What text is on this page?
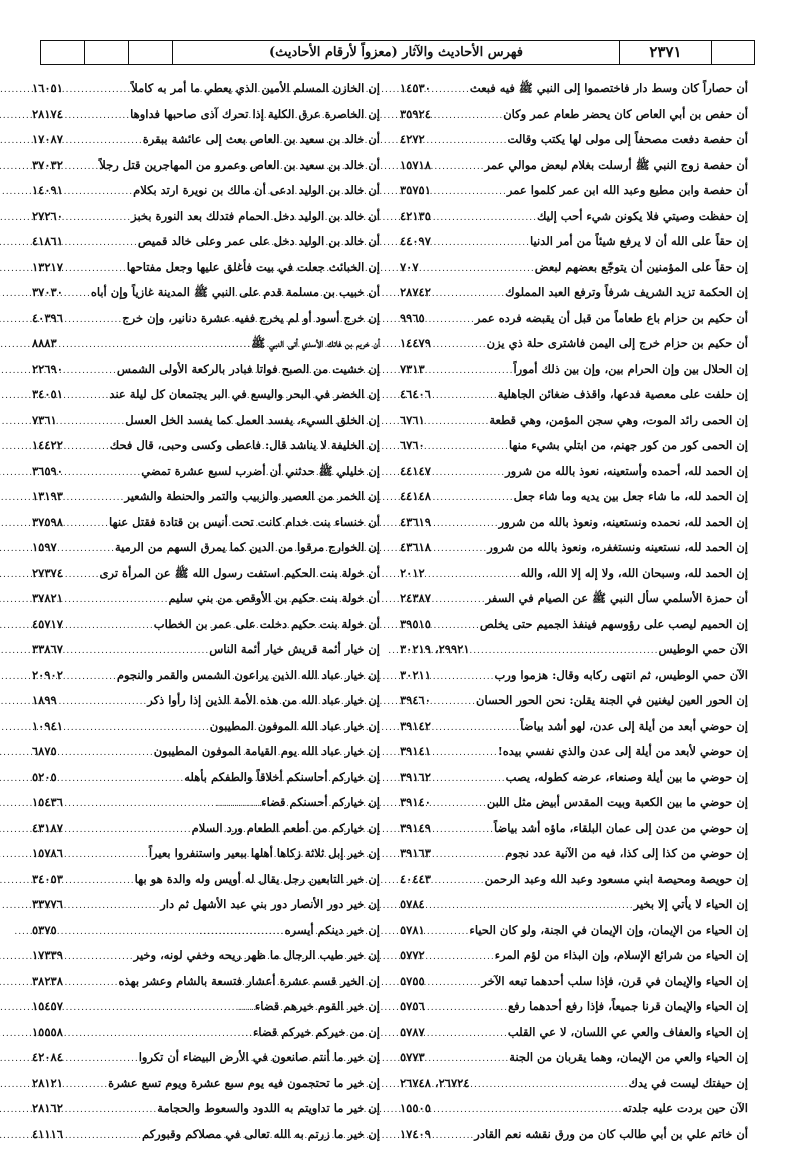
فهرس الأحاديث والآثار (معزواً لأرقام الأحاديث)	٢٣٧١
أن حصاراً كان وسط دار فاختصموا إلى النبي ﷺ فيه فبعث
.....
١٤٥٣٠
أن حفص بن أبي العاص كان يحضر طعام عمر وكان
.....
٣٥٩٢٤
أن حفصة دفعت مصحفاً إلى مولى لها يكتب وقالت
.....
٤٢٧٢
أن حفصة زوج النبي ﷺ أرسلت بغلام لبعض موالي عمر
.....
١٥٧١٨
أن حفصة وابن مطيع وعبد الله ابن عمر كلموا عمر
.....
٣٥٧٥١
إن حفظت وصيتي فلا يكونن شيء أحب إليك
.....
٤٢١٣٥
إن حقاً على الله أن لا يرفع شيئاً من أمر الدنيا
.....
٤٤٠٩٧
إن حقاً على المؤمنين أن يتوجّع بعضهم لبعض
.....
٧٠٧
إن الحكمة تزيد الشريف شرفاً وترفع العبد المملوك
.....
٢٨٧٤٢
أن حكيم بن حزام باع طعاماً من قبل أن يقبضه فرده عمر
.....
٩٩٦٥
أن حكيم بن حزام خرج إلى اليمن فاشترى حلة ذي يزن
.....
١٤٤٧٩
إن الحلال بين وإن الحرام بين، وإن بين ذلك أموراً
.....
٧٣١٣
إن حلفت على معصية فدعها، واقذف ضغائن الجاهلية
.....
٤٦٤٠٦
إن الحمى رائد الموت، وهي سجن المؤمن، وهي قطعة
.....
٦٧٦١
إن الحمى كور من كور جهنم، من ابتلي بشيء منها
.....
٦٧٦٠
إن الحمد لله، أحمده وأستعينه، نعوذ بالله من شرور
.....
٤٤١٤٧
إن الحمد لله، ما شاء جعل بين يديه وما شاء جعل
.....
٤٤١٤٨
إن الحمد لله، نحمده ونستعينه، ونعوذ بالله من شرور
.....
٤٣٦١٩
إن الحمد لله، نستعينه ونستغفره، ونعوذ بالله من شرور
.....
٤٣٦١٨
إن الحمد لله، وسبحان الله، ولا إله إلا الله، والله
.....
٢٠١٢
أن حمزة الأسلمي سأل النبي ﷺ عن الصيام في السفر
.....
٢٤٣٨٧
إن الحميم ليصب على رؤوسهم فينفذ الجميم حتى يخلص
.....
٣٩٥١٥
الآن حمي الوطيس
.....
٢٩٩٢١، ٣٠٢١٩
الآن حمي الوطيس، ثم انتهى ركابه وقال: هزموا ورب
.....
٣٠٢١١
إن الحور العين ليغنين في الجنة يقلن: نحن الحور الحسان
.....
٣٩٤٦٠
إن حوضي أبعد من أيلة إلى عدن، لهو أشد بياضاً
.....
٣٩١٤٢
إن حوضي لأبعد من أيلة إلى عدن والذي نفسي بيده!
.....
٣٩١٤١
إن حوضي ما بين أيلة وصنعاء، عرضه كطوله، يصب
.....
٣٩١٦٢
إن حوضي ما بين الكعبة وبيت المقدس أبيض مثل اللبن
.....
٣٩١٤٠
إن حوضي من عدن إلى عمان البلقاء، ماؤه أشد بياضاً
.....
٣٩١٤٩
إن حوضي من كذا إلى كذا، فيه من الآنية عدد نجوم
.....
٣٩١٦٣
إن حويصة ومحيصة ابني مسعود وعبد الله وعبد الرحمن
.....
٤٠٤٤٣
إن الحياء لا يأتي إلا بخير
.....
٥٧٨٤
إن الحياء من الإيمان، وإن الإيمان في الجنة، ولو كان الحياء
.....
٥٧٨١
إن الحياء من شرائع الإسلام، وإن البذاء من لؤم المرء
.....
٥٧٧٢
إن الحياء والإيمان في قرن، فإذا سلب أحدهما تبعه الآخر
.....
٥٧٥٥
إن الحياء والإيمان قرنا جميعاً، فإذا رفع أحدهما رفع
.....
٥٧٥٦
إن الحياء والعفاف والعي عي اللسان، لا عي القلب
.....
٥٧٨٧
إن الحياء والعي من الإيمان، وهما يقربان من الجنة
.....
٥٧٧٣
إن حيفتك ليست في يدك
.....
٢٦٧٢٤، ٢٦٧٤٨
الآن حين بردت عليه جلدته
.....
١٥٥٠٥
أن خاتم علي بن أبي طالب كان من ورق نقشه نعم القادر
.....
١٧٤٠٩
إن الخازن المسلم الأمين الذي يعطي ما أمر به كاملاً
.....
١٦٠٥١
إن الخاصرة عرق الكلية إذا تحرك آذى صاحبها فداوها
.....
٢٨١٧٤
أن خالد بن سعيد بن العاص بعث إلى عائشة ببقرة
.....
١٧٠٨٧
أن خالد بن سعيد بن العاص وعمرو من المهاجرين قتل رجلاً
.....
٣٧٠٣٢
أن خالد بن الوليد ادعى أن مالك بن نويرة ارتد بكلام
.....
١٤٠٩١
أن خالد بن الوليد دخل الحمام فتدلك بعد النورة بخبز
.....
٢٧٢٦٠
أن خالد بن الوليد دخل على عمر وعلى خالد قميص
.....
٤١٨٦١
إن الخبائث جعلت في بيت فأغلق عليها وجعل مفتاحها
.....
١٣٢١٧
أن خبيب بن مسلمة قدم على النبي ﷺ المدينة غازياً وإن أباه
.....
٣٧٠٣٠
إن خرج أسود أو لم يخرج ففيه عشرة دنانير، وإن خرج
.....
٤٠٣٩٦
أن خريم بن فاتك الأسدي أتى النبي ﷺ
.....
٨٨٨٣
إن خشيت من الصبح فواتا فبادر بالركعة الأولى الشمس
.....
٢٢٦٩٠
إن الخضر في البحر واليسع في البر يجتمعان كل ليلة عند
.....
٣٤٠٥١
إن الخلق السيء، يفسد العمل كما يفسد الخل العسل
.....
٧٣٦١
إن الخليفة لا يناشد قال: فاعطى وكسى وحبى، قال فحك
.....
١٤٤٢٢
إن خليلي ﷺ حدثني أن أضرب لسبع عشرة تمضي
.....
٣٦٥٩٠
إن الخمر من العصير والزبيب والتمر والحنطة والشعير
.....
١٣١٩٣
أن خنساء بنت خدام كانت تحت أنيس بن قتادة فقتل عنها
.....
٣٧٥٩٨
إن الخوارج مرقوا من الدين كما يمرق السهم من الرمية
.....
١٥٩٧
أن خولة بنت الحكيم استفت رسول الله ﷺ عن المرأة ترى
.....
٢٧٣٧٤
أن خولة بنت حكيم بن الأوقص من بني سليم
.....
٣٧٨٢١
أن خولة بنت حكيم دخلت على عمر بن الخطاب
.....
٤٥٧١٧
إن خيار أئمة قريش خيار أئمة الناس
.....
٣٣٨٦٧
إن خيار عباد الله الذين يراعون الشمس والقمر والنجوم
.....
٢٠٩٠٢
إن خيار عباد الله من هذه الأمة الذين إذا رأوا ذكر
.....
١٨٩٩
إن خيار عباد الله الموفون المطيبون
.....
١٠٩٤١
إن خيار عباد الله يوم القيامة الموفون المطيبون
.....
٦٨٧٥
إن خياركم أحاسنكم أخلاقاً والطفكم بأهله
.....
٥٢٠٥
إن خياركم أحسنكم قضاء
.....
١٥٤٣٦
إن خياركم من أطعم الطعام ورد السلام
.....
٤٣١٨٧
إن خير إبل ثلاثة زكاها أهلها ببعير واستنفروا بعيراً
.....
١٥٧٨٦
إن خير التابعين رجل يقال له أويس وله والدة هو بها
.....
٣٤٠٥٣
إن خير دور الأنصار دور بني عبد الأشهل ثم دار
.....
٣٣٧٧٦
إن خير دينكم أيسره
.....
٥٣٧٥
إن خير طيب الرجال ما ظهر ريحه وخفي لونه، وخير
.....
١٧٣٣٩
إن الخير قسم عشرة أعشار فتسعة بالشام وعشر بهذه
.....
٣٨٢٣٨
إن خير القوم خيرهم قضاء
.....
١٥٤٥٧
إن من خيركم خيركم قضاء
.....
١٥٥٥٨
إن خير ما أنتم صانعون في الأرض البيضاء أن تكروا
.....
٤٢٠٨٤
إن خير ما تحتجمون فيه يوم سبع عشرة ويوم تسع عشرة
.....
٢٨١٢١
إن خير ما تداويتم به اللدود والسعوط والحجامة
.....
٢٨١٦٢
إن خير ما زرتم به الله تعالى في مصلاكم وقبوركم
.....
٤١١١٦
